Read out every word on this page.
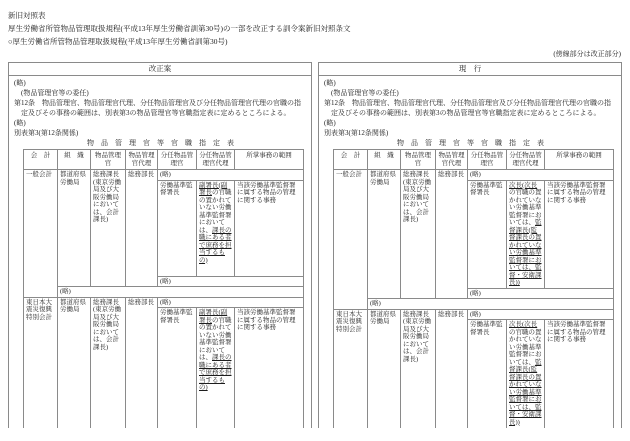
新旧対照表
厚生労働省所管物品管理取扱規程(平成13年厚生労働省訓第30号)の一部を改正する訓令案新旧対照条文
○厚生労働省所管物品管理取扱規程(平成13年厚生労働省訓第30号)
(傍線部分は改正部分)
改正案

(略)

(物品管理官等の委任)

第12条　物品管理官、物品管理官代理、分任物品管理官及び分任物品管理官代理の官職の指定及びその事務の範囲は、別表第3の物品管理官等官職指定表に定めるところによる。

(略)

別表第3(第12条関係)

物　品　管　理　官　等　官　職　指　定　表
会　計	組　織	物品管理官	物品管理官代理	分任物品管理官	分任物品管理官代理	所掌事務の範囲
一般会計	都道府県労働局	総務課長(東京労働局及び大阪労働局においては、会計課長)	総務部長	(略)		
				労働基準監督署長	副署長(副署長の官職の置かれていない労働基準監督署においては、課長の職にある者で庶務を担当するもの)	当該労働基準監督署に属する物品の管理に関する事務
				(略)		
	(略)					
東日本大震災復興特別会計	都道府県労働局	総務課長(東京労働局及び大阪労働局においては、会計課長)	総務部長	(略)		
				労働基準監督署長	副署長(副署長の官職の置かれていない労働基準監督署においては、課長の職にある者で庶務を担当するもの)	当該労働基準監督署に属する物品の管理に関する事務
現　行

(略)

(物品管理官等の委任)

第12条　物品管理官、物品管理官代理、分任物品管理官及び分任物品管理官代理の官職の指定及びその事務の範囲は、別表第3の物品管理官等官職指定表に定めるところによる。

(略)

別表第3(第12条関係)

物　品　管　理　官　等　官　職　指　定　表
会　計	組　織	物品管理官	物品管理官代理	分任物品管理官	分任物品管理官代理	所掌事務の範囲
一般会計	都道府県労働局	総務課長(東京労働局及び大阪労働局においては、会計課長)	総務部長	(略)		
				労働基準監督署長	次長(次長の官職の置かれていない労働基準監督署においては、監督課長(監督課長の置かれていない労働基準監督署においては、監督・安衛課長))	当該労働基準監督署に属する物品の管理に関する事務
				(略)		
	(略)					
東日本大震災復興特別会計	都道府県労働局	総務課長(東京労働局及び大阪労働局においては、会計課長)	総務部長	(略)		
				労働基準監督署長	次長(次長の官職の置かれていない労働基準監督署においては、監督課長(監督課長の置かれていない労働基準監督署においては、監督・安衛課長))	当該労働基準監督署に属する物品の管理に関する事務
